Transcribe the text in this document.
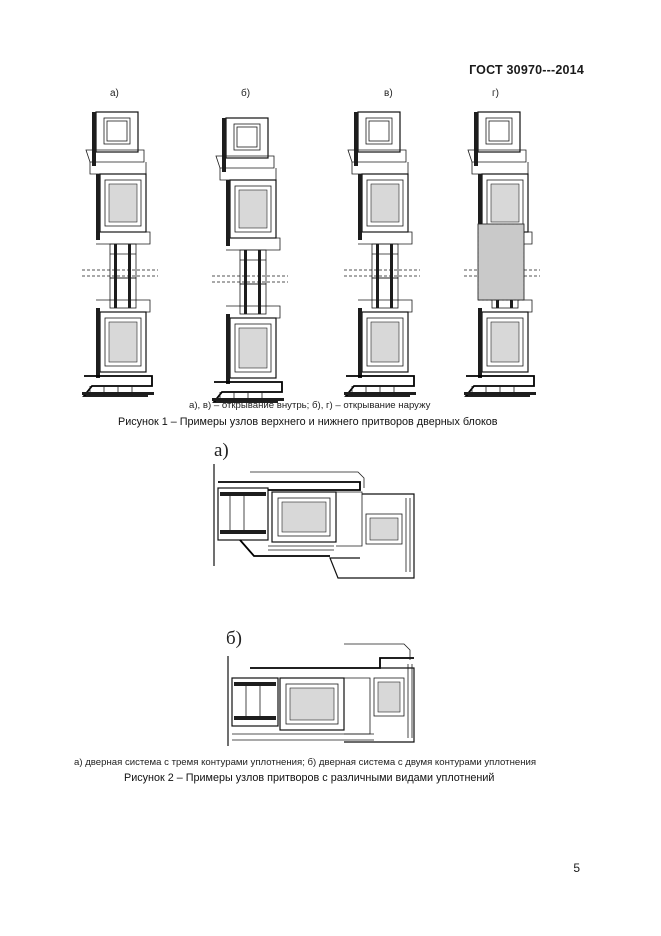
ГОСТ 30970---2014
а)	б)	в)	г)
а), в) – открывание внутрь; б), г) – открывание наружу
Рисунок 1 – Примеры узлов верхнего и нижнего притворов дверных блоков
а)
б)
а) дверная система с тремя контурами уплотнения; б) дверная система с двумя контурами уплотнения
Рисунок 2 – Примеры узлов притворов с различными видами уплотнений
5
